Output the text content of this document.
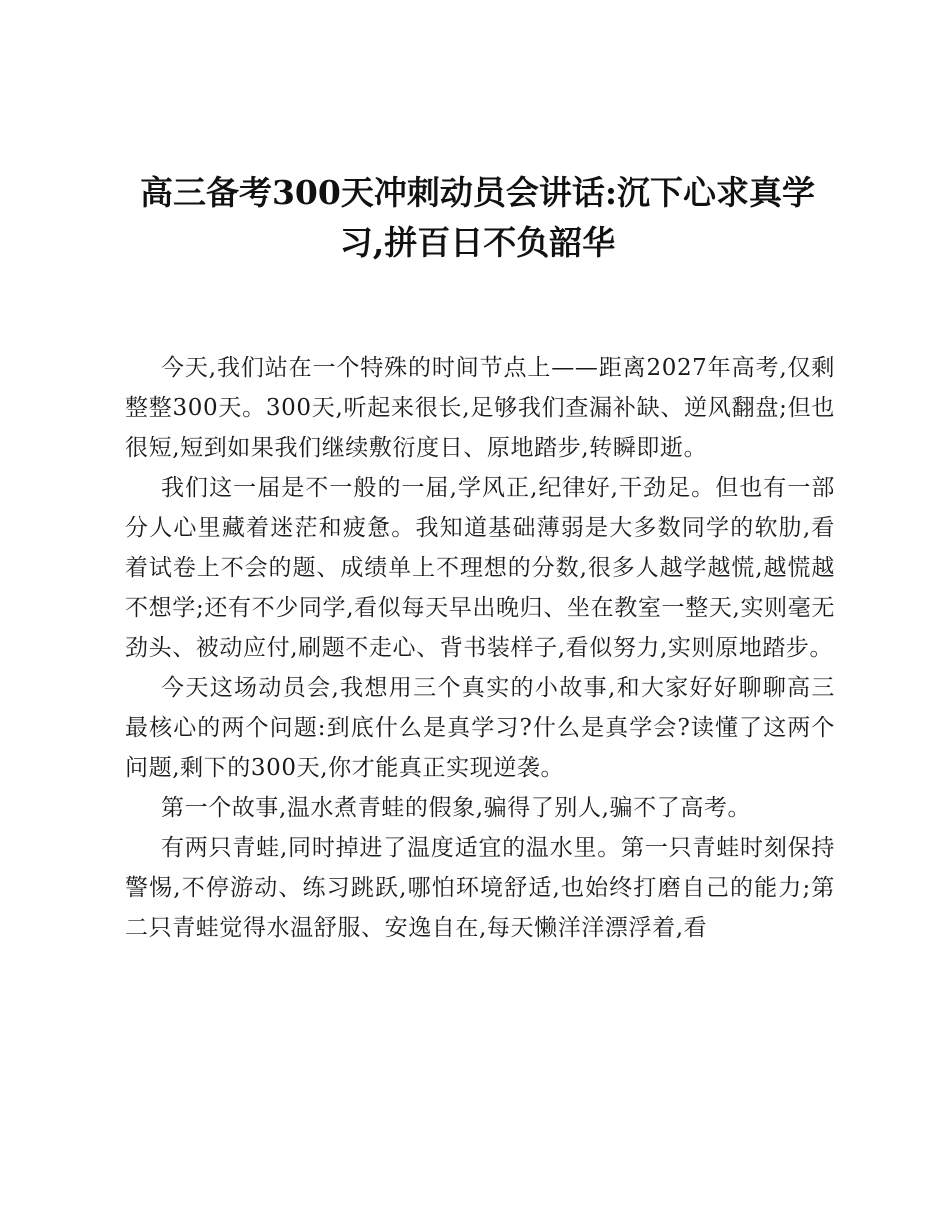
高三备考300天冲刺动员会讲话:沉下心求真学习,拼百日不负韶华

今天,我们站在一个特殊的时间节点上——距离2027年高考,仅剩整整300天。300天,听起来很长,足够我们查漏补缺、逆风翻盘;但也很短,短到如果我们继续敷衍度日、原地踏步,转瞬即逝。

我们这一届是不一般的一届,学风正,纪律好,干劲足。但也有一部分人心里藏着迷茫和疲惫。我知道基础薄弱是大多数同学的软肋,看着试卷上不会的题、成绩单上不理想的分数,很多人越学越慌,越慌越不想学;还有不少同学,看似每天早出晚归、坐在教室一整天,实则毫无劲头、被动应付,刷题不走心、背书装样子,看似努力,实则原地踏步。

今天这场动员会,我想用三个真实的小故事,和大家好好聊聊高三最核心的两个问题:到底什么是真学习?什么是真学会?读懂了这两个问题,剩下的300天,你才能真正实现逆袭。

第一个故事,温水煮青蛙的假象,骗得了别人,骗不了高考。

有两只青蛙,同时掉进了温度适宜的温水里。第一只青蛙时刻保持警惕,不停游动、练习跳跃,哪怕环境舒适,也始终打磨自己的能力;第二只青蛙觉得水温舒服、安逸自在,每天懒洋洋漂浮着,看
